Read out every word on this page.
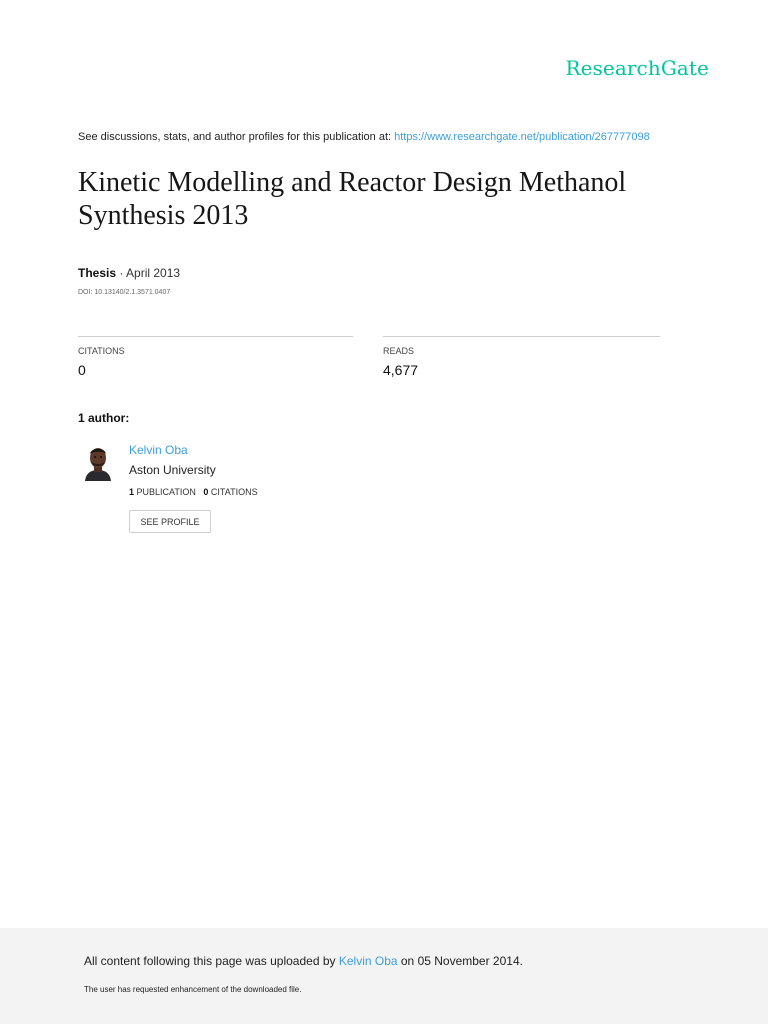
ResearchGate
See discussions, stats, and author profiles for this publication at: https://www.researchgate.net/publication/267777098
Kinetic Modelling and Reactor Design Methanol Synthesis 2013
Thesis · April 2013
DOI: 10.13140/2.1.3571.0407
CITATIONS
0
READS
4,677
1 author:
Kelvin Oba
Aston University
1 PUBLICATION 0 CITATIONS
SEE PROFILE
All content following this page was uploaded by Kelvin Oba on 05 November 2014.
The user has requested enhancement of the downloaded file.
